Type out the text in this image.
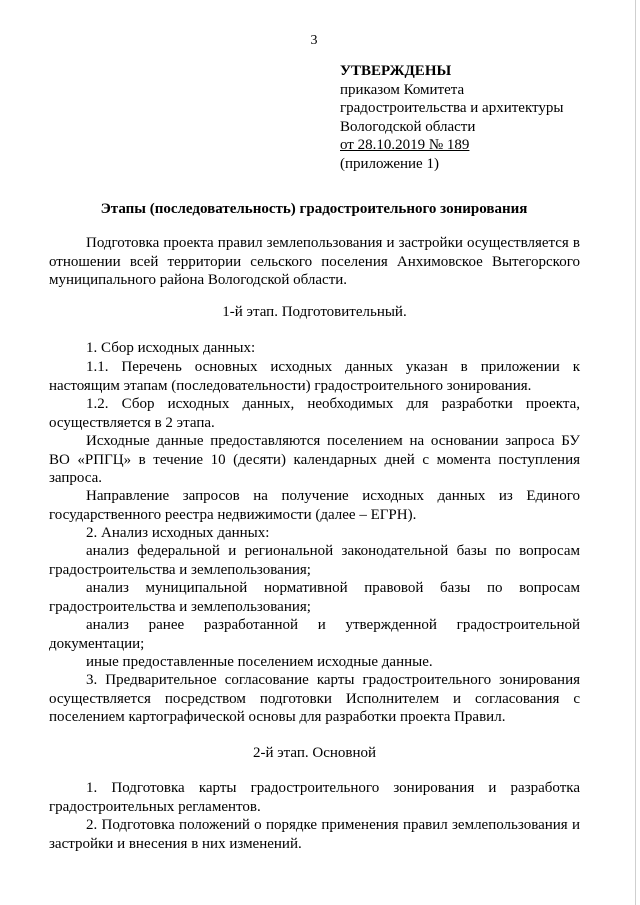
3
УТВЕРЖДЕНЫ
приказом Комитета
градостроительства и архитектуры
Вологодской области
от 28.10.2019 № 189
(приложение 1)
Этапы (последовательность) градостроительного зонирования

Подготовка проекта правил землепользования и застройки осуществляется в отношении всей территории сельского поселения Анхимовское Вытегорского муниципального района Вологодской области.

1-й этап. Подготовительный.

1. Сбор исходных данных:

1.1. Перечень основных исходных данных указан в приложении к настоящим этапам (последовательности) градостроительного зонирования.

1.2. Сбор исходных данных, необходимых для разработки проекта, осуществляется в 2 этапа.

Исходные данные предоставляются поселением на основании запроса БУ ВО «РПГЦ» в течение 10 (десяти) календарных дней с момента поступления запроса.

Направление запросов на получение исходных данных из Единого государственного реестра недвижимости (далее – ЕГРН).

2. Анализ исходных данных:

анализ федеральной и региональной законодательной базы по вопросам градостроительства и землепользования;

анализ муниципальной нормативной правовой базы по вопросам градостроительства и землепользования;

анализ ранее разработанной и утвержденной градостроительной документации;

иные предоставленные поселением исходные данные.

3. Предварительное согласование карты градостроительного зонирования осуществляется посредством подготовки Исполнителем и согласования с поселением картографической основы для разработки проекта Правил.

2-й этап. Основной

1. Подготовка карты градостроительного зонирования и разработка градостроительных регламентов.

2. Подготовка положений о порядке применения правил землепользования и застройки и внесения в них изменений.
